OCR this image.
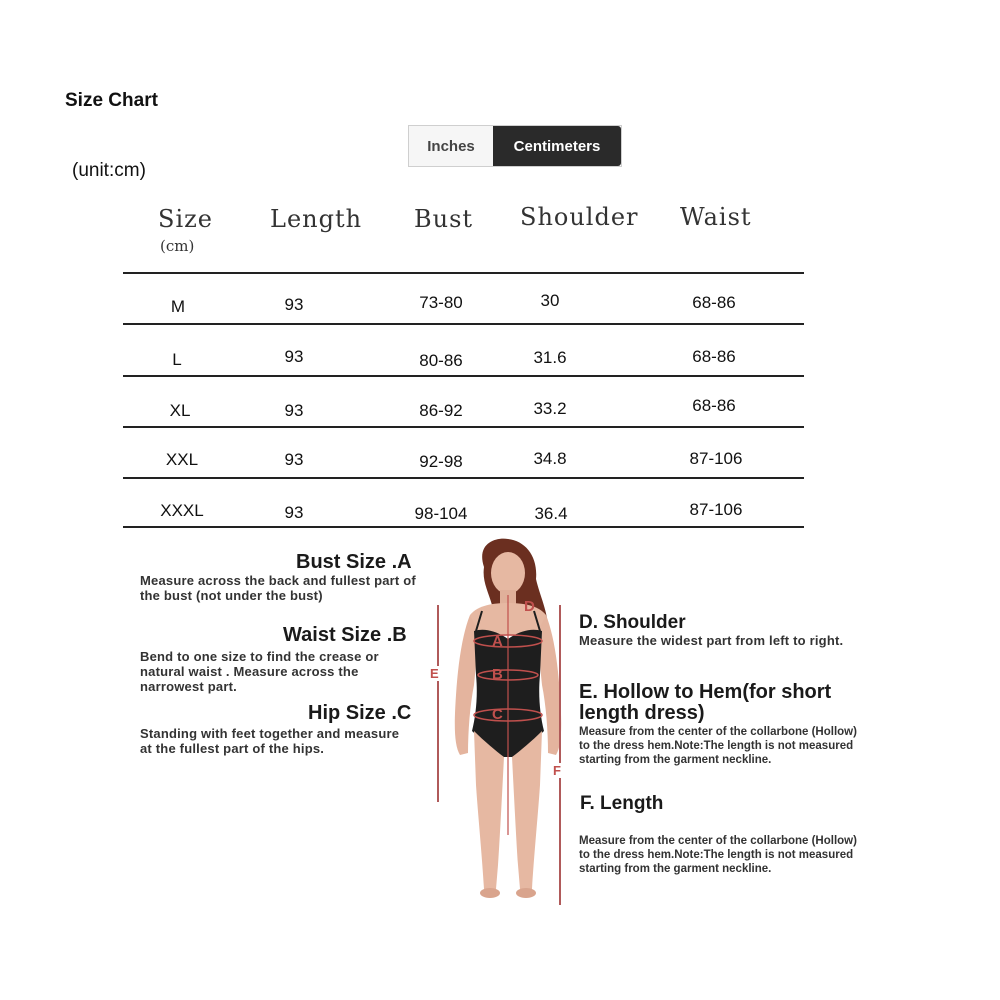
Size Chart
(unit:cm)
Inches	Centimeters
Size
(cm)
Length Bust Shoulder Waist
M	93	73-80	30	68-86
L	93	80-86	31.6	68-86
XL	93	86-92	33.2	68-86
XXL	93	92-98	34.8	87-106
XXXL	93	98-104	36.4	87-106
Bust Size .A
Measure across the back and fullest part of the bust (not under the bust)
Waist Size .B
Bend to one size to find the crease or natural waist . Measure across the narrowest part.
Hip Size .C
Standing with feet together and measure at the fullest part of the hips.
A
B
C
D
E
F
D. Shoulder
Measure the widest part from left to right.
E. Hollow to Hem(for short length dress)
Measure from the center of the collarbone (Hollow) to the dress hem.Note:The length is not measured starting from the garment neckline.
F. Length
Measure from the center of the collarbone (Hollow) to the dress hem.Note:The length is not measured starting from the garment neckline.
